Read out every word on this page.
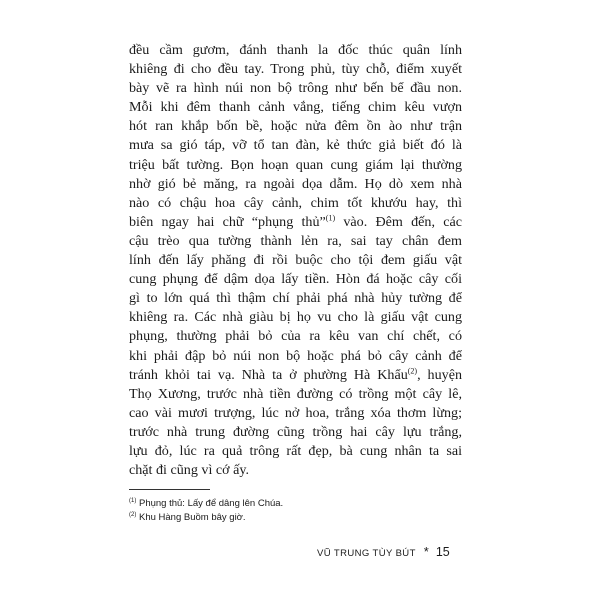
đều cầm gươm, đánh thanh la đốc thúc quân lính
khiêng đi cho đều tay. Trong phủ, tùy chỗ, điểm xuyết
bày vẽ ra hình núi non bộ trông như bến bể đầu non.
Mỗi khi đêm thanh cảnh vắng, tiếng chim kêu vượn
hót ran khắp bốn bề, hoặc nửa đêm ồn ào như trận
mưa sa gió táp, vỡ tổ tan đàn, kẻ thức giả biết đó là
triệu bất tường. Bọn hoạn quan cung giám lại thường
nhờ gió bẻ măng, ra ngoài dọa dẫm. Họ dò xem nhà
nào có chậu hoa cây cảnh, chim tốt khướu hay, thì
biên ngay hai chữ “phụng thủ”$^{(1)}$ vào. Đêm đến, các
cậu trèo qua tường thành lẻn ra, sai tay chân đem
lính đến lấy phăng đi rồi buộc cho tội đem giấu vật
cung phụng để dậm dọa lấy tiền. Hòn đá hoặc cây cối
gì to lớn quá thì thậm chí phải phá nhà hủy tường để
khiêng ra. Các nhà giàu bị họ vu cho là giấu vật cung
phụng, thường phải bỏ của ra kêu van chí chết, có
khi phải đập bỏ núi non bộ hoặc phá bỏ cây cảnh để
tránh khỏi tai vạ. Nhà ta ở phường Hà Khẩu$^{(2)}$, huyện
Thọ Xương, trước nhà tiền đường có trồng một cây lê,
cao vài mươi trượng, lúc nở hoa, trắng xóa thơm lừng;
trước nhà trung đường cũng trồng hai cây lựu trắng,
lựu đỏ, lúc ra quả trông rất đẹp, bà cung nhân ta sai
chặt đi cũng vì cớ ấy.
$^{(1)}$ Phụng thủ: Lấy để dâng lên Chúa.
$^{(2)}$ Khu Hàng Buồm bây giờ.
VŨ TRUNG TÙY BÚT * 15
